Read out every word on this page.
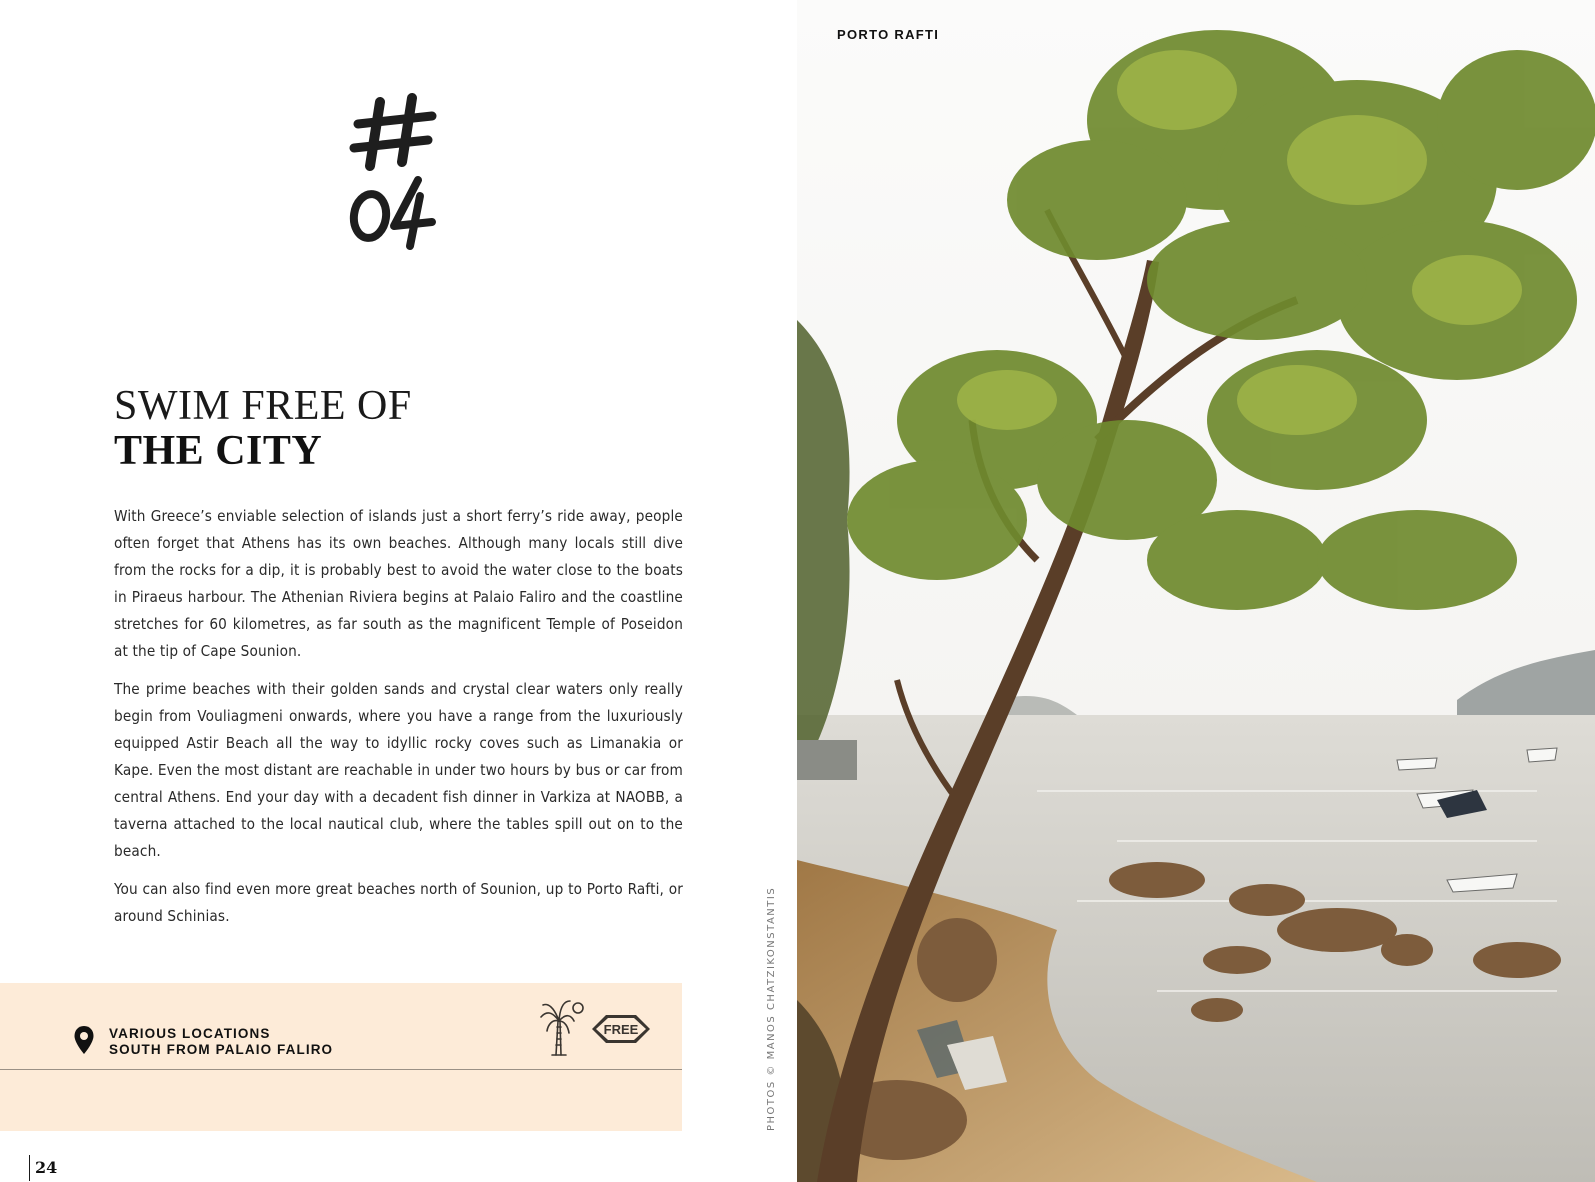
SWIM FREE OF
THE CITY

With Greece’s enviable selection of islands just a short ferry’s ride away, people often forget that Athens has its own beaches. Although many locals still dive from the rocks for a dip, it is probably best to avoid the water close to the boats in Piraeus harbour. The Athenian Riviera begins at Palaio Faliro and the coastline stretches for 60 kilometres, as far south as the magnificent Temple of Poseidon at the tip of Cape Sounion.

The prime beaches with their golden sands and crystal clear waters only really begin from Vouliagmeni onwards, where you have a range from the luxuriously equipped Astir Beach all the way to idyllic rocky coves such as Limanakia or Kape. Even the most distant are reachable in under two hours by bus or car from central Athens. End your day with a decadent fish dinner in Varkiza at NAOBB, a taverna attached to the local nautical club, where the tables spill out on to the beach.

You can also find even more great beaches north of Sounion, up to Porto Rafti, or around Schinias.

VARIOUS LOCATIONS
SOUTH FROM PALAIO FALIRO
FREE
24
PHOTOS © MANOS CHATZIKONSTANTIS
PORTO RAFTI
